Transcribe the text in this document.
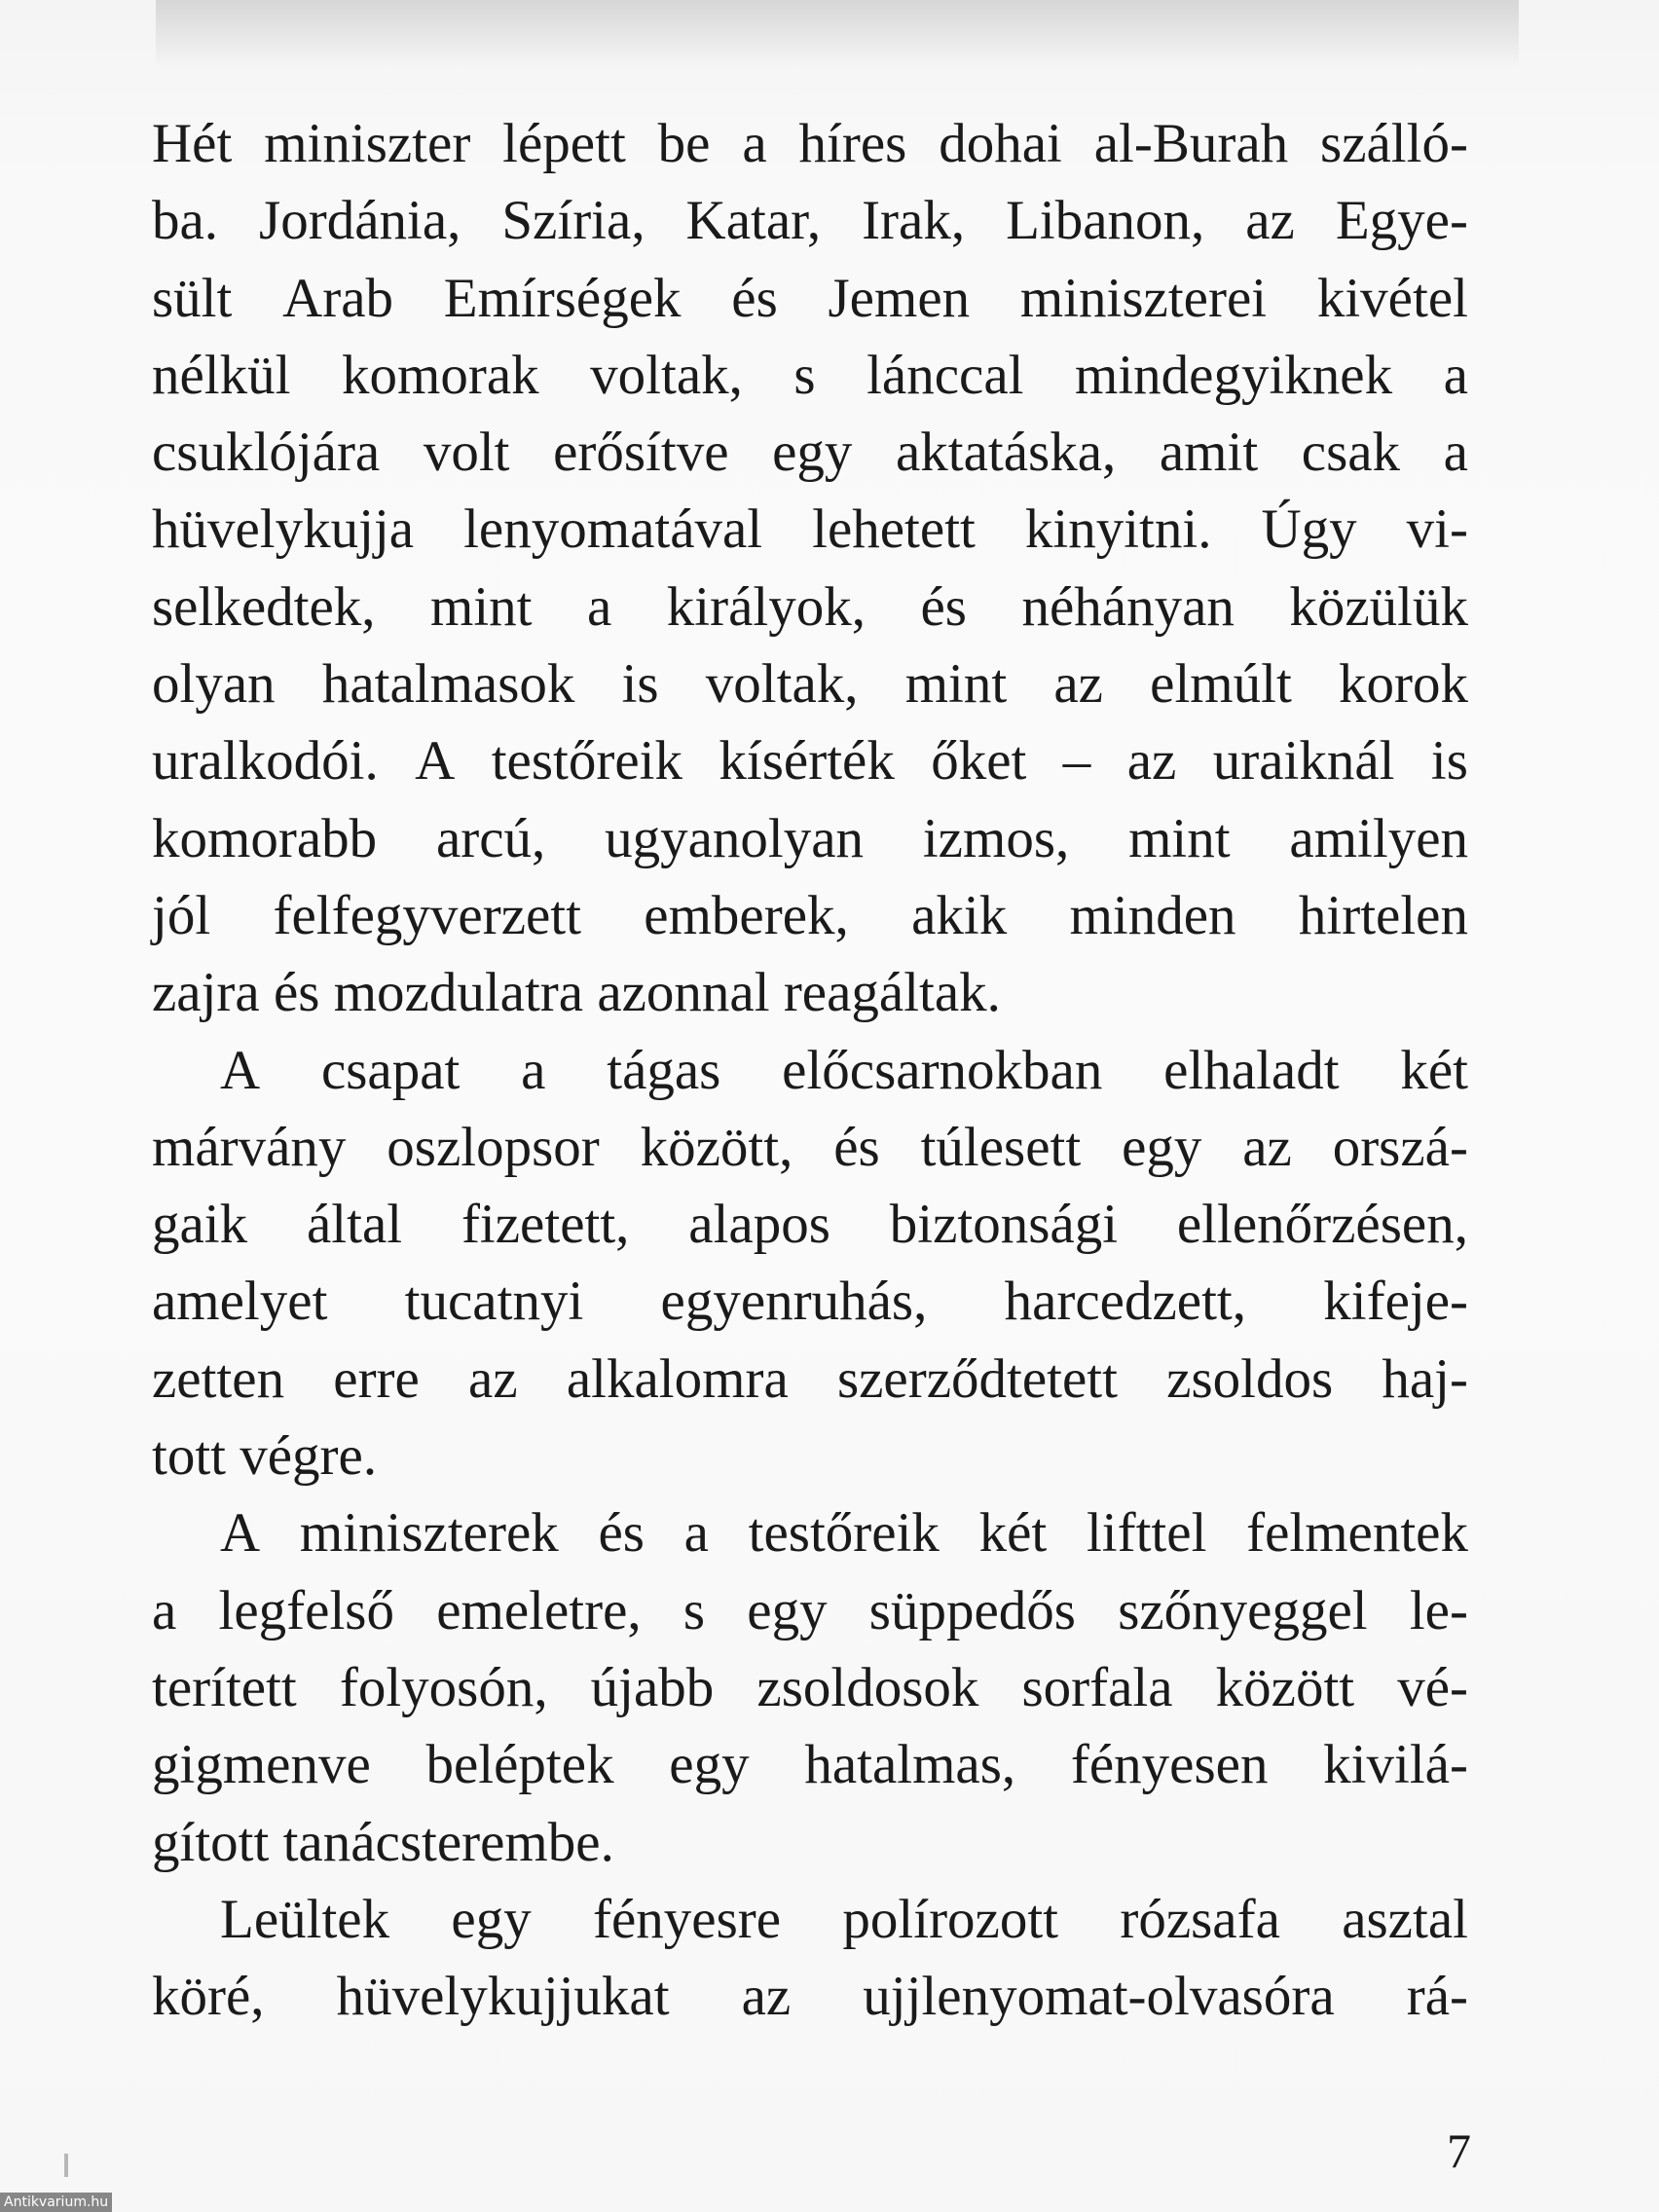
Hét miniszter lépett be a híres dohai al-Burah szálló-
ba. Jordánia, Szíria, Katar, Irak, Libanon, az Egye-
sült Arab Emírségek és Jemen miniszterei kivétel
nélkül komorak voltak, s lánccal mindegyiknek a
csuklójára volt erősítve egy aktatáska, amit csak a
hüvelykujja lenyomatával lehetett kinyitni. Úgy vi-
selkedtek, mint a királyok, és néhányan közülük
olyan hatalmasok is voltak, mint az elmúlt korok
uralkodói. A testőreik kísérték őket – az uraiknál is
komorabb arcú, ugyanolyan izmos, mint amilyen
jól felfegyverzett emberek, akik minden hirtelen
zajra és mozdulatra azonnal reagáltak.
A csapat a tágas előcsarnokban elhaladt két
márvány oszlopsor között, és túlesett egy az orszá-
gaik által fizetett, alapos biztonsági ellenőrzésen,
amelyet tucatnyi egyenruhás, harcedzett, kifeje-
zetten erre az alkalomra szerződtetett zsoldos haj-
tott végre.
A miniszterek és a testőreik két lifttel felmentek
a legfelső emeletre, s egy süppedős szőnyeggel le-
terített folyosón, újabb zsoldosok sorfala között vé-
gigmenve beléptek egy hatalmas, fényesen kivilá-
gított tanácsterembe.
Leültek egy fényesre polírozott rózsafa asztal
köré, hüvelykujjukat az ujjlenyomat-olvasóra rá-
7
Antikvarium.hu
